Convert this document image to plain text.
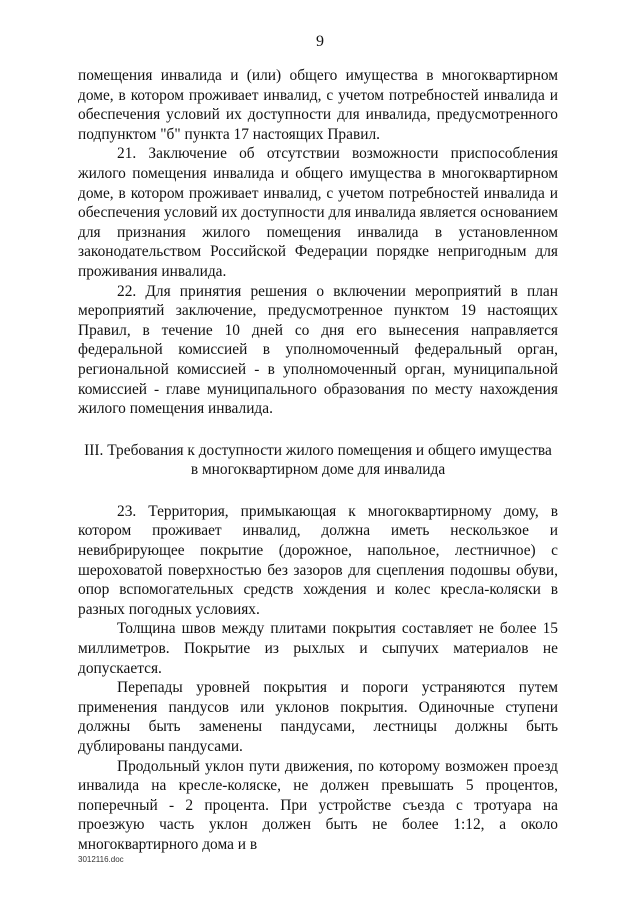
9

помещения инвалида и (или) общего имущества в многоквартирном доме, в котором проживает инвалид, с учетом потребностей инвалида и обеспечения условий их доступности для инвалида, предусмотренного подпунктом "б" пункта 17 настоящих Правил.

21. Заключение об отсутствии возможности приспособления жилого помещения инвалида и общего имущества в многоквартирном доме, в котором проживает инвалид, с учетом потребностей инвалида и обеспечения условий их доступности для инвалида является основанием для признания жилого помещения инвалида в установленном законодательством Российской Федерации порядке непригодным для проживания инвалида.

22. Для принятия решения о включении мероприятий в план мероприятий заключение, предусмотренное пунктом 19 настоящих Правил, в течение 10 дней со дня его вынесения направляется федеральной комиссией в уполномоченный федеральный орган, региональной комиссией - в уполномоченный орган, муниципальной комиссией - главе муниципального образования по месту нахождения жилого помещения инвалида.

III. Требования к доступности жилого помещения и общего имущества
в многоквартирном доме для инвалида

23. Территория, примыкающая к многоквартирному дому, в котором проживает инвалид, должна иметь нескользкое и невибрирующее покрытие (дорожное, напольное, лестничное) с шероховатой поверхностью без зазоров для сцепления подошвы обуви, опор вспомогательных средств хождения и колес кресла-коляски в разных погодных условиях.

Толщина швов между плитами покрытия составляет не более 15 миллиметров. Покрытие из рыхлых и сыпучих материалов не допускается.

Перепады уровней покрытия и пороги устраняются путем применения пандусов или уклонов покрытия. Одиночные ступени должны быть заменены пандусами, лестницы должны быть дублированы пандусами.

Продольный уклон пути движения, по которому возможен проезд инвалида на кресле-коляске, не должен превышать 5 процентов, поперечный - 2 процента. При устройстве съезда с тротуара на проезжую часть уклон должен быть не более 1:12, а около многоквартирного дома и в

3012116.doc
